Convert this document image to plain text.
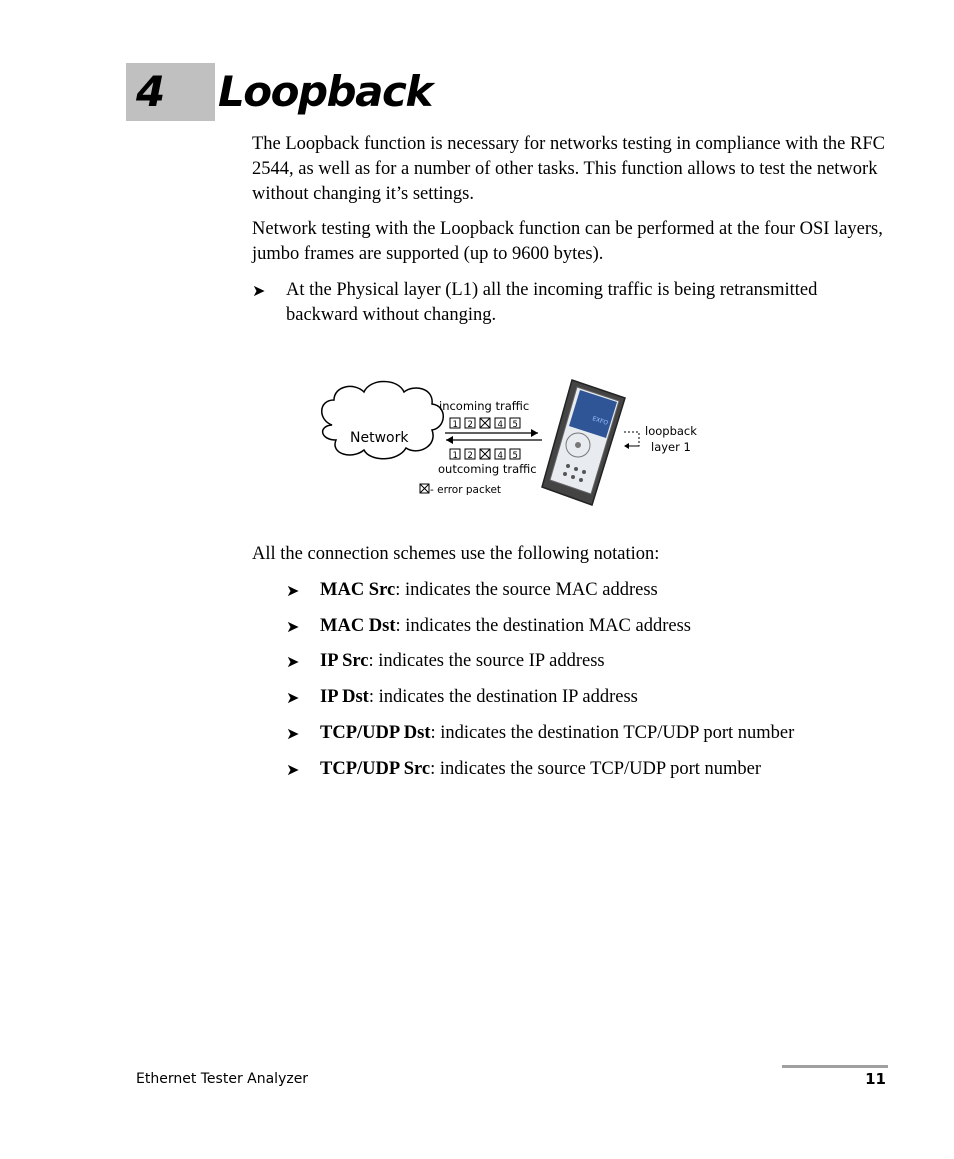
4 Loopback
The Loopback function is necessary for networks testing in compliance with the RFC 2544, as well as for a number of other tasks. This function allows to test the network without changing it’s settings.
Network testing with the Loopback function can be performed at the four OSI layers, jumbo frames are supported (up to 9600 bytes).
➤ At the Physical layer (L1) all the incoming traffic is being retransmitted backward without changing.
Network
incoming traffic
1 2	4 5
1 2	4 5
outcoming traffic
- error packet
EXFO
loopback
layer 1
All the connection schemes use the following notation:
➤ MAC Src: indicates the source MAC address
➤ MAC Dst: indicates the destination MAC address
➤ IP Src: indicates the source IP address
➤ IP Dst: indicates the destination IP address
➤ TCP/UDP Dst: indicates the destination TCP/UDP port number
➤ TCP/UDP Src: indicates the source TCP/UDP port number
Ethernet Tester Analyzer	11
